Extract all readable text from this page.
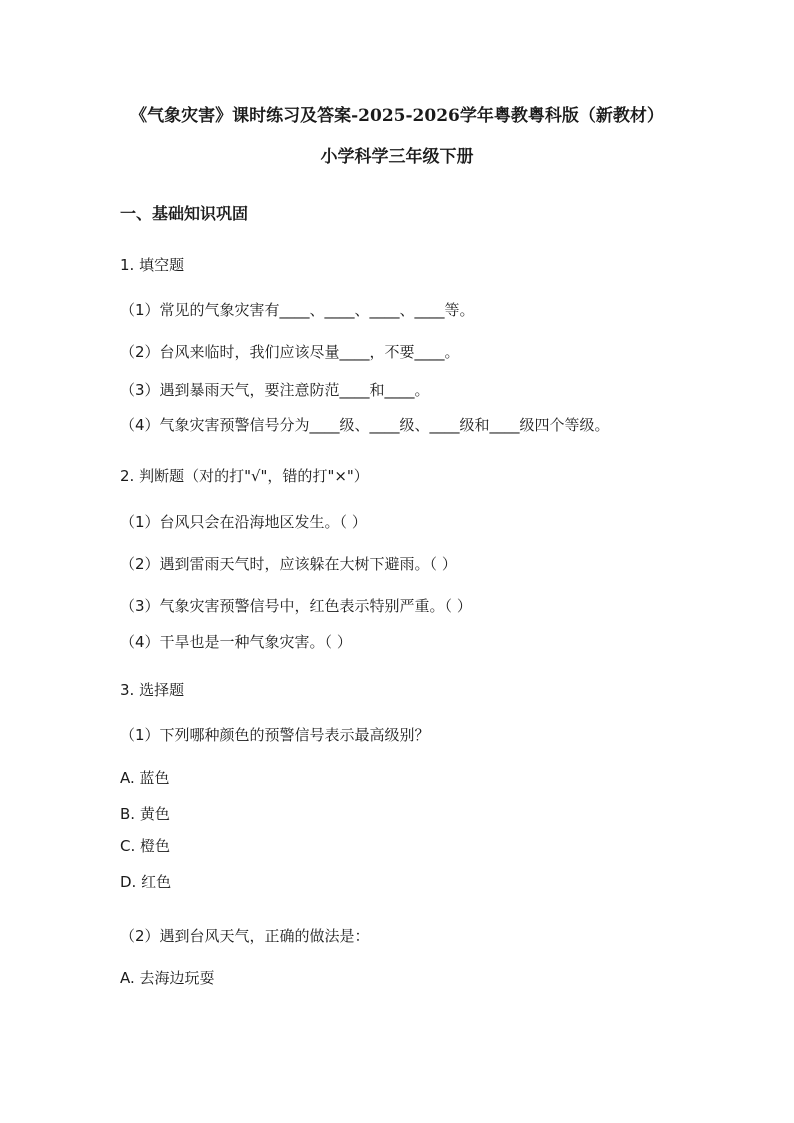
《气象灾害》课时练习及答案-2025-2026学年粤教粤科版（新教材）
小学科学三年级下册
一、基础知识巩固
1. 填空题
（1）常见的气象灾害有____、____、____、____等。
（2）台风来临时，我们应该尽量____，不要____。
（3）遇到暴雨天气，要注意防范____和____。
（4）气象灾害预警信号分为____级、____级、____级和____级四个等级。
2. 判断题（对的打"√"，错的打"×"）
（1）台风只会在沿海地区发生。（ ）
（2）遇到雷雨天气时，应该躲在大树下避雨。（ ）
（3）气象灾害预警信号中，红色表示特别严重。（ ）
（4）干旱也是一种气象灾害。（ ）
3. 选择题
（1）下列哪种颜色的预警信号表示最高级别？
A. 蓝色
B. 黄色
C. 橙色
D. 红色
（2）遇到台风天气，正确的做法是：
A. 去海边玩耍
